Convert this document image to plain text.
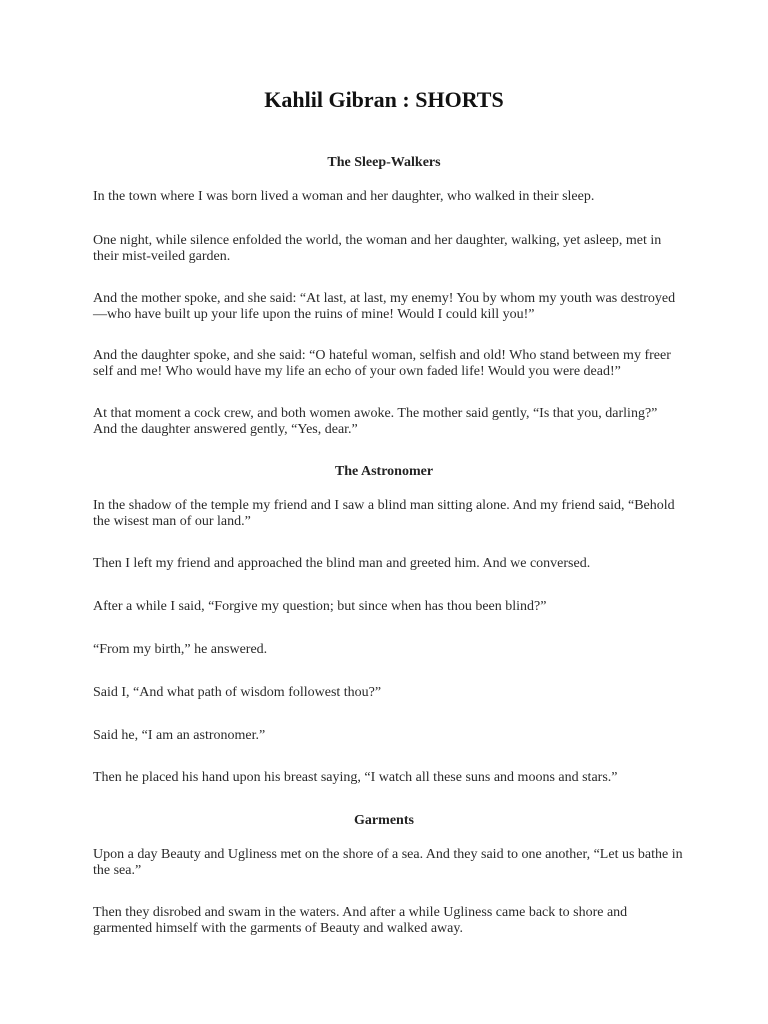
Kahlil Gibran : SHORTS
The Sleep-Walkers
In the town where I was born lived a woman and her daughter, who walked in their sleep.
One night, while silence enfolded the world, the woman and her daughter, walking, yet asleep, met in their mist-veiled garden.
And the mother spoke, and she said: “At last, at last, my enemy! You by whom my youth was destroyed—who have built up your life upon the ruins of mine! Would I could kill you!”
And the daughter spoke, and she said: “O hateful woman, selfish and old! Who stand between my freer self and me! Who would have my life an echo of your own faded life! Would you were dead!”
At that moment a cock crew, and both women awoke. The mother said gently, “Is that you, darling?” And the daughter answered gently, “Yes, dear.”
The Astronomer
In the shadow of the temple my friend and I saw a blind man sitting alone. And my friend said, “Behold the wisest man of our land.”
Then I left my friend and approached the blind man and greeted him. And we conversed.
After a while I said, “Forgive my question; but since when has thou been blind?”
“From my birth,” he answered.
Said I, “And what path of wisdom followest thou?”
Said he, “I am an astronomer.”
Then he placed his hand upon his breast saying, “I watch all these suns and moons and stars.”
Garments
Upon a day Beauty and Ugliness met on the shore of a sea. And they said to one another, “Let us bathe in the sea.”
Then they disrobed and swam in the waters. And after a while Ugliness came back to shore and garmented himself with the garments of Beauty and walked away.
